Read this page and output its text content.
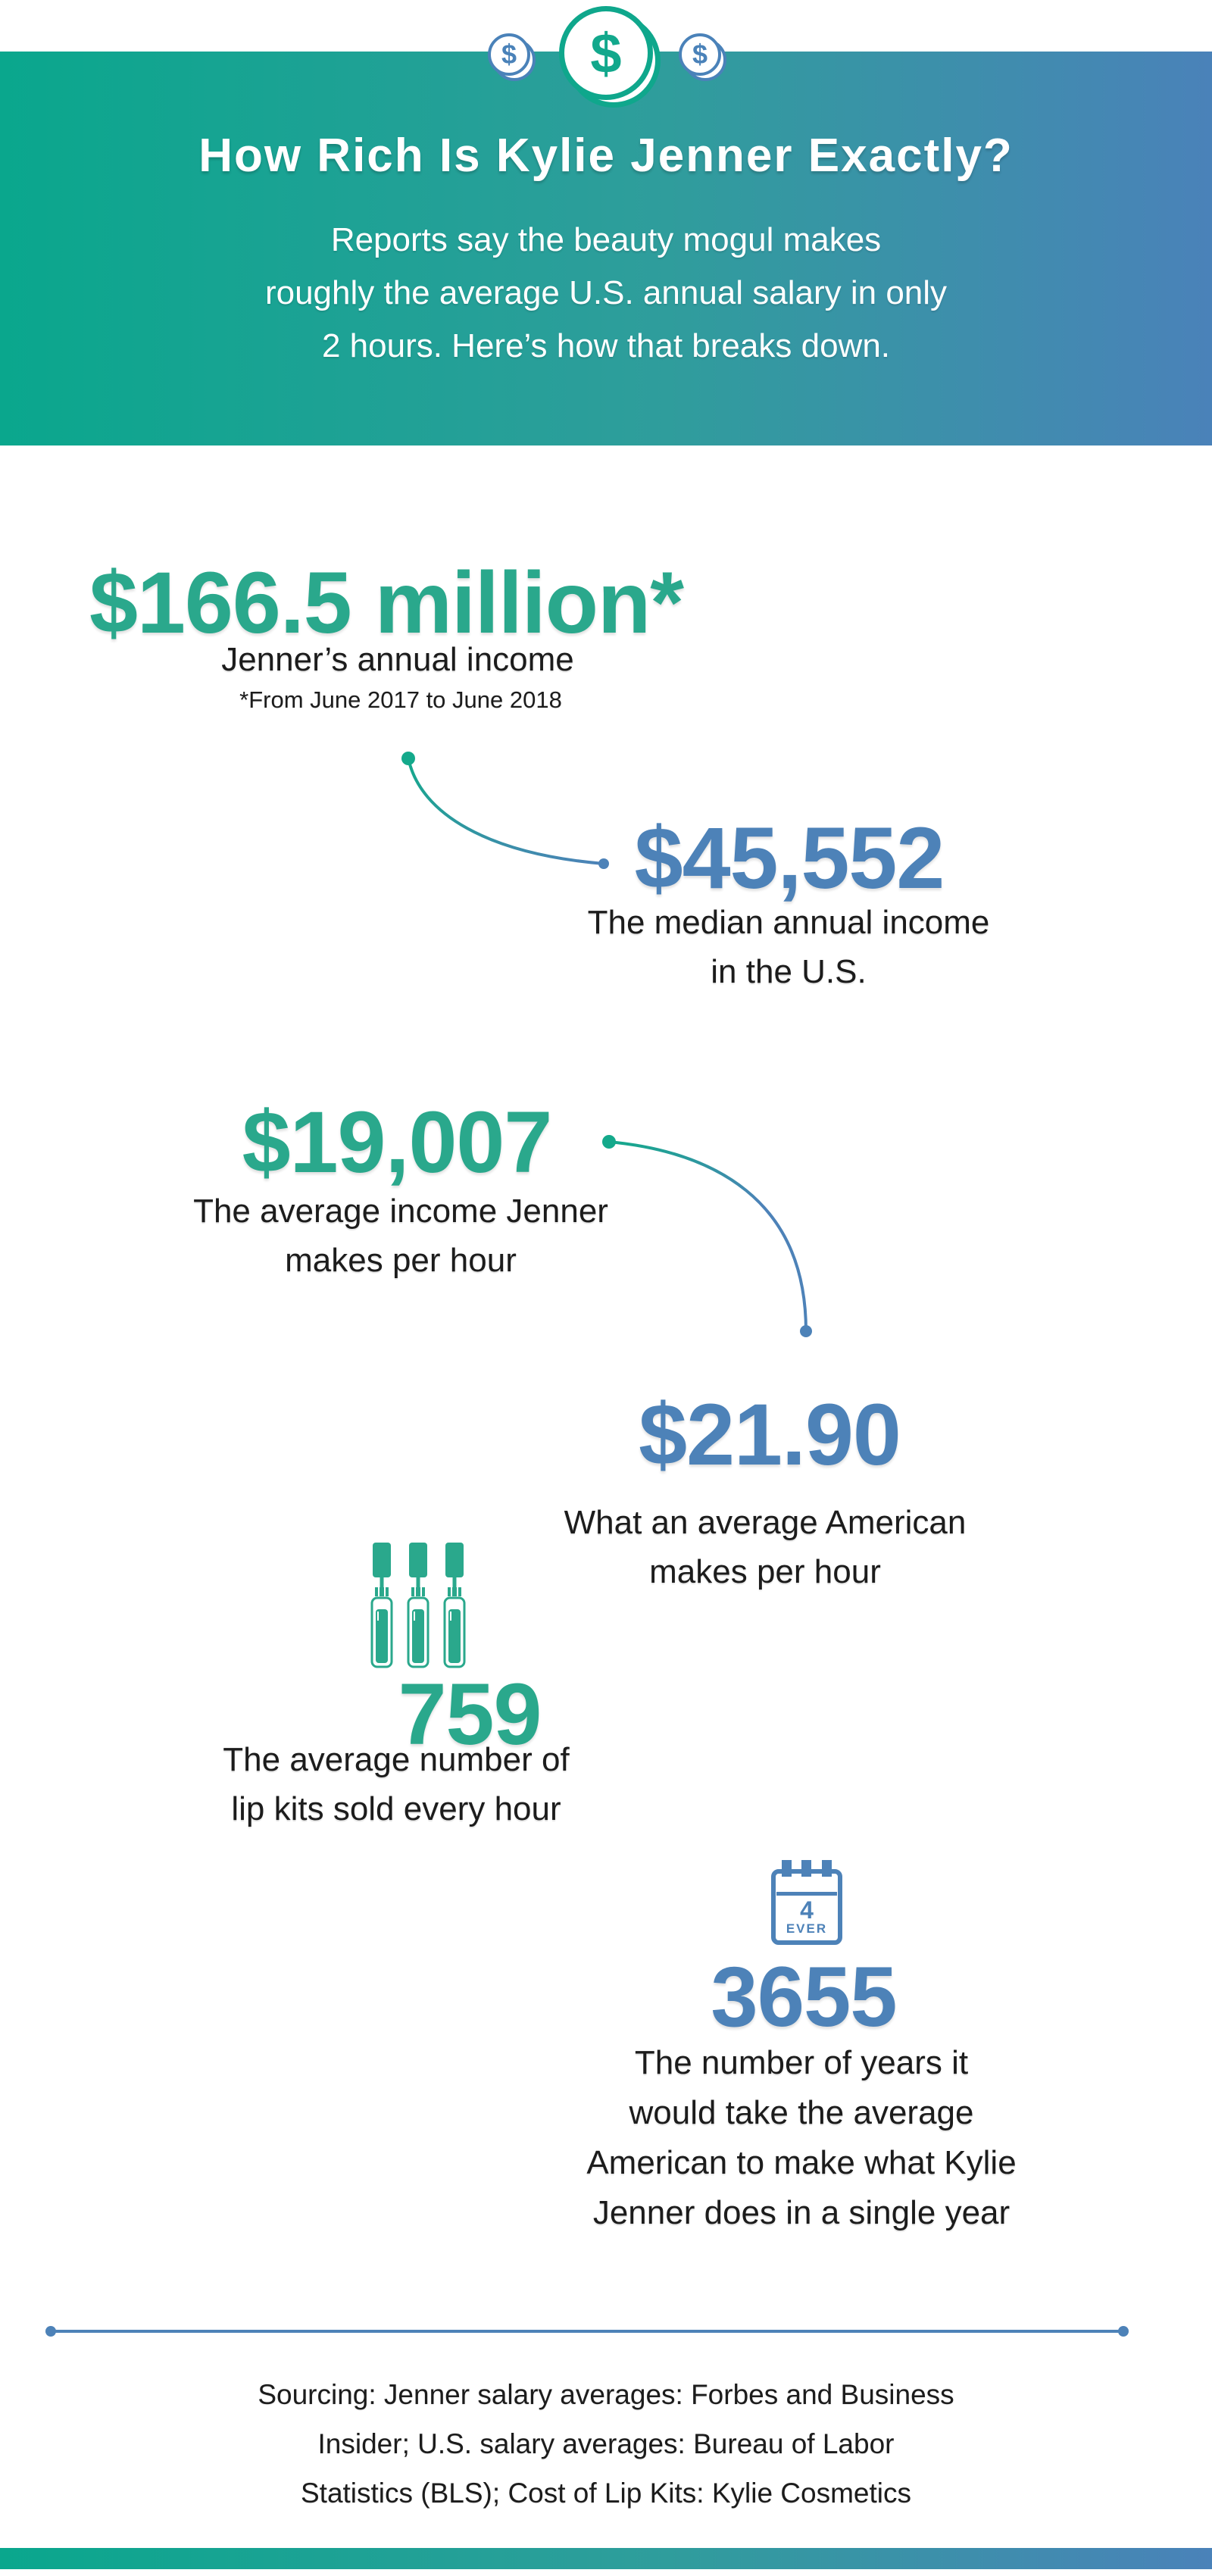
$	$	$
How Rich Is Kylie Jenner Exactly?
Reports say the beauty mogul makes
roughly the average U.S. annual salary in only
2 hours. Here’s how that breaks down.
$166.5 million*
Jenner’s annual income
*From June 2017 to June 2018
$45,552
The median annual income
in the U.S.
$19,007
The average income Jenner
makes per hour
$21.90
What an average American
makes per hour
759
The average number of
lip kits sold every hour
4
EVER
3655
The number of years it
would take the average
American to make what Kylie
Jenner does in a single year
Sourcing: Jenner salary averages: Forbes and Business
Insider; U.S. salary averages: Bureau of Labor
Statistics (BLS); Cost of Lip Kits: Kylie Cosmetics
